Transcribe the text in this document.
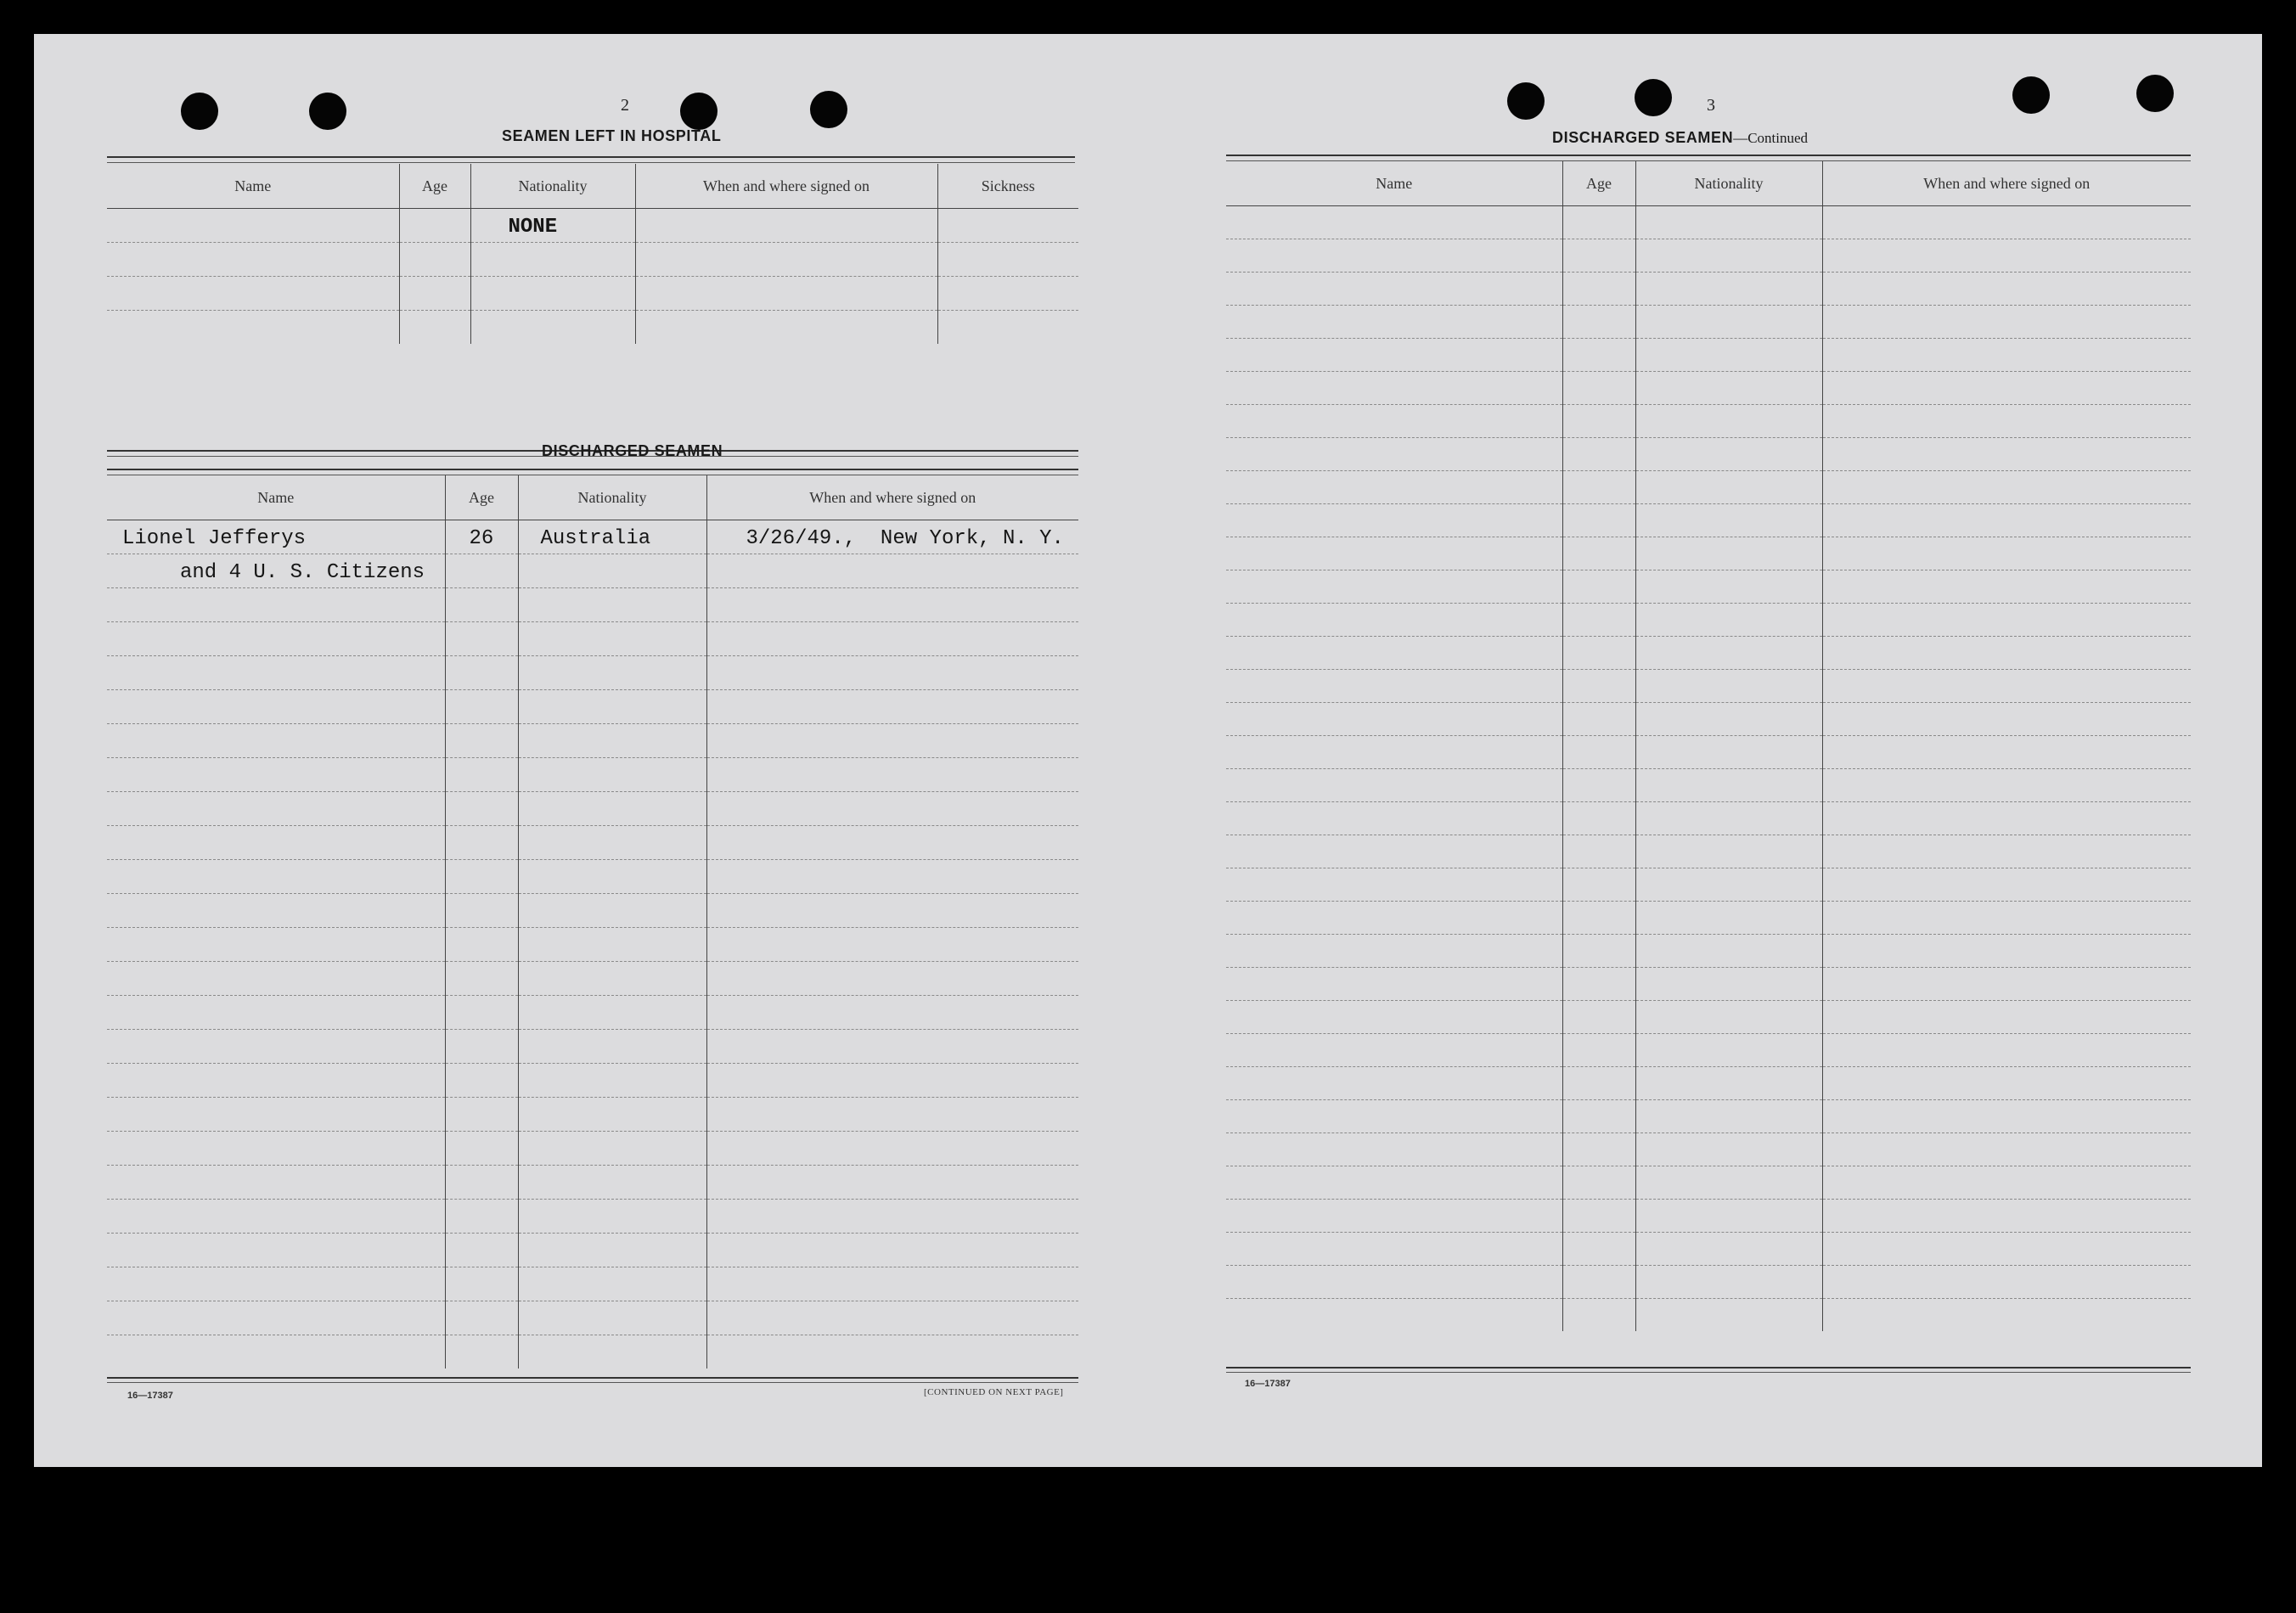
2
SEAMEN LEFT IN HOSPITAL
Name	Age	Nationality	When and where signed on	Sickness

		NONE		

DISCHARGED SEAMEN
Name	Age	Nationality	When and where signed on

Lionel Jefferys	26	Australia	3/26/49.,  New York, N. Y.

and 4 U. S. Citizens			

16—17387	[CONTINUED ON NEXT PAGE]
3
DISCHARGED SEAMEN—Continued
Name	Age	Nationality	When and where signed on

16—17387
